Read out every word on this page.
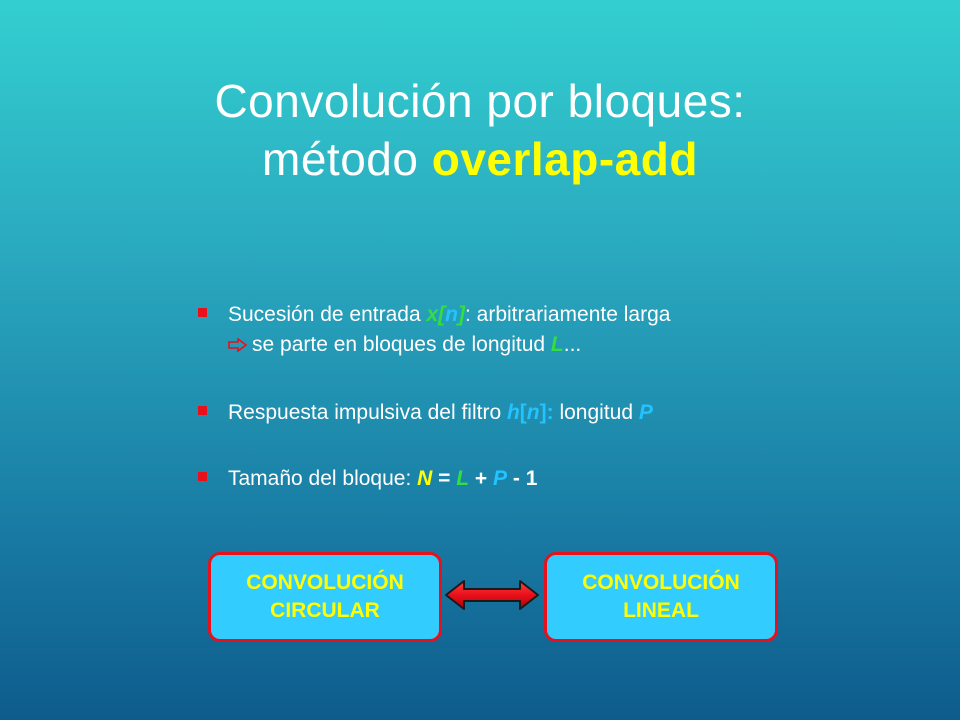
Convolución por bloques:
método overlap-add
Sucesión de entrada x[n]: arbitrariamente larga
se parte en bloques de longitud L...
Respuesta impulsiva del filtro h[n]: longitud P
Tamaño del bloque: N = L + P - 1
CONVOLUCIÓN
CIRCULAR
CONVOLUCIÓN
LINEAL
